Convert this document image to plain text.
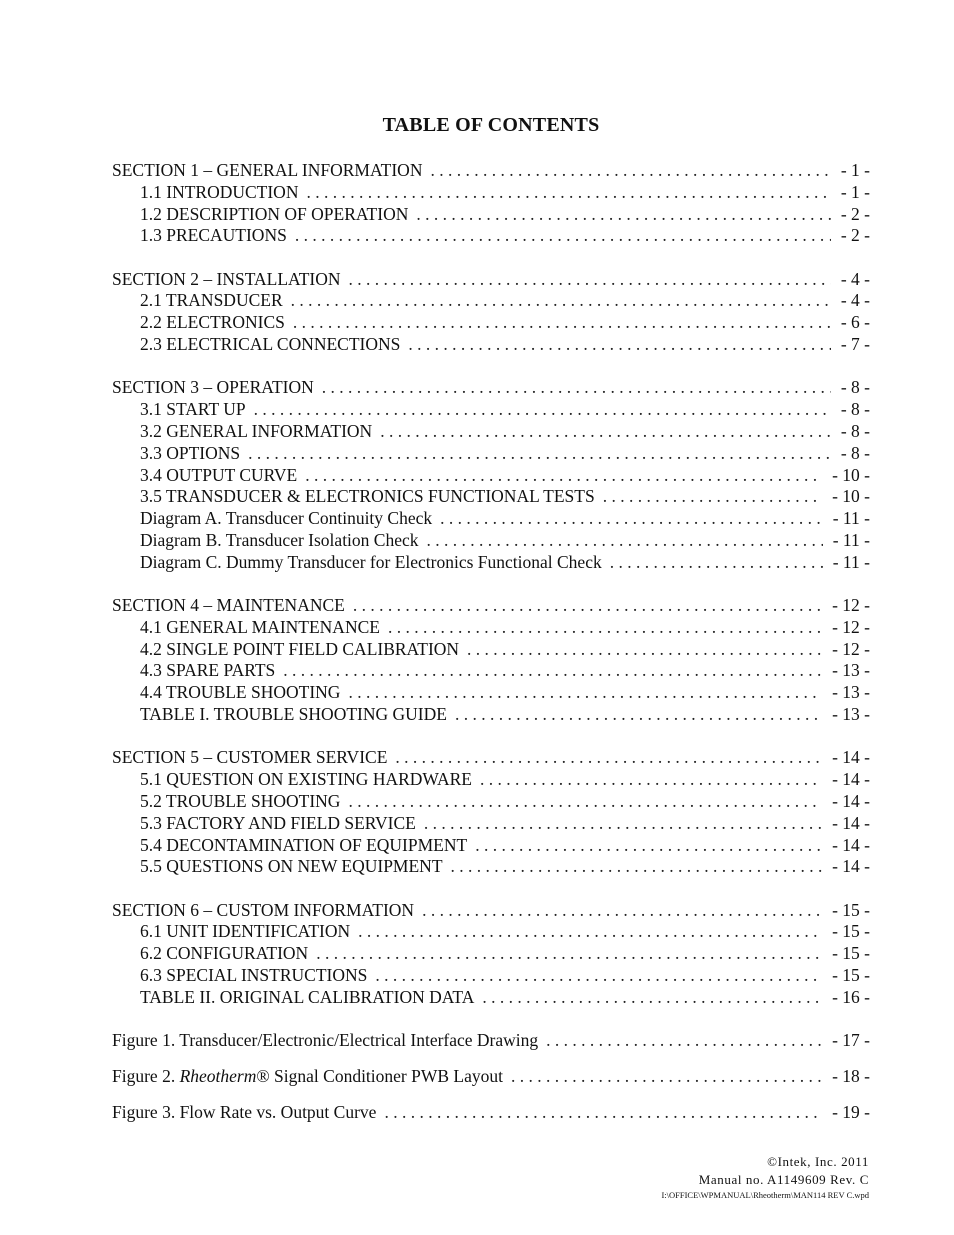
TABLE OF CONTENTS
SECTION 1 – GENERAL INFORMATION . . .	- 1 -
1.1 INTRODUCTION . . .	- 1 -
1.2 DESCRIPTION OF OPERATION . . .	- 2 -
1.3 PRECAUTIONS . . .	- 2 -
SECTION 2 – INSTALLATION . . .	- 4 -
2.1 TRANSDUCER . . .	- 4 -
2.2 ELECTRONICS . . .	- 6 -
2.3 ELECTRICAL CONNECTIONS . . .	- 7 -
SECTION 3 – OPERATION . . .	- 8 -
3.1 START UP . . .	- 8 -
3.2 GENERAL INFORMATION . . .	- 8 -
3.3 OPTIONS . . .	- 8 -
3.4 OUTPUT CURVE . . .	- 10 -
3.5 TRANSDUCER & ELECTRONICS FUNCTIONAL TESTS . . .	- 10 -
Diagram A. Transducer Continuity Check . . .	- 11 -
Diagram B. Transducer Isolation Check . . .	- 11 -
Diagram C. Dummy Transducer for Electronics Functional Check . . .	- 11 -
SECTION 4 – MAINTENANCE . . .	- 12 -
4.1 GENERAL MAINTENANCE . . .	- 12 -
4.2 SINGLE POINT FIELD CALIBRATION . . .	- 12 -
4.3 SPARE PARTS . . .	- 13 -
4.4 TROUBLE SHOOTING . . .	- 13 -
TABLE I. TROUBLE SHOOTING GUIDE . . .	- 13 -
SECTION 5 – CUSTOMER SERVICE . . .	- 14 -
5.1 QUESTION ON EXISTING HARDWARE . . .	- 14 -
5.2 TROUBLE SHOOTING . . .	- 14 -
5.3 FACTORY AND FIELD SERVICE . . .	- 14 -
5.4 DECONTAMINATION OF EQUIPMENT . . .	- 14 -
5.5 QUESTIONS ON NEW EQUIPMENT . . .	- 14 -
SECTION 6 – CUSTOM INFORMATION . . .	- 15 -
6.1 UNIT IDENTIFICATION . . .	- 15 -
6.2 CONFIGURATION . . .	- 15 -
6.3 SPECIAL INSTRUCTIONS . . .	- 15 -
TABLE II. ORIGINAL CALIBRATION DATA . . .	- 16 -
Figure 1. Transducer/Electronic/Electrical Interface Drawing . . .	- 17 -
Figure 2. Rheotherm® Signal Conditioner PWB Layout . . .	- 18 -
Figure 3. Flow Rate vs. Output Curve . . .	- 19 -
©Intek, Inc. 2011
Manual no. A1149609 Rev. C
I:\OFFICE\WPMANUAL\Rheotherm\MAN114 REV C.wpd
